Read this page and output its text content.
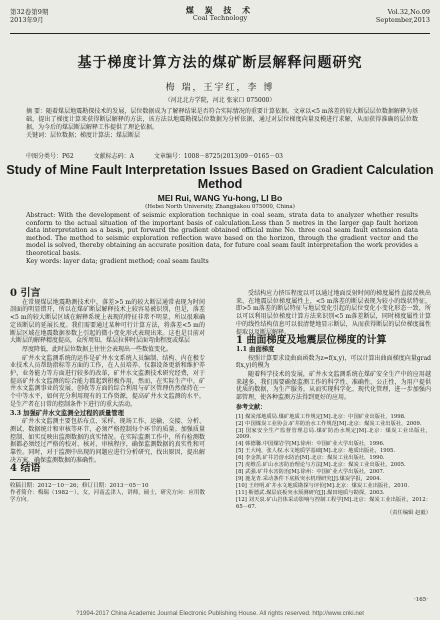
第32卷第9期
2013年9月
煤 炭 技 术
Coal Technology
Vol.32,No.09
September,2013
基于梯度计算方法的煤矿断层解释问题研究
梅 瑞，王宇红，李 博
（河北北方学院，河北 张家口 075000）

摘 要：随着煤层地震勘探技术的发展，层位数据成为了解释结果是否符合实际情况的重要计算依据。文章以<5 m落差的较大断层层位数据解释为基础，提出了梯度计算来获得断层解释的方法，该方法以地震勘探层位数据为分析依据，通过对层位梯度向量及模进行求解，从而获得准确的层位数据，为今后的煤层断层解释工作提供了理论依据。

关键词：层位数据；梯度计算法；煤层断层

中图分类号：P62	文献标志码：A	文章编号：1008－8725(2013)09－0165－03
Study of Mine Fault Interpretation Issues Based on Gradient Calculation Method
MEI Rui, WANG Yu-hong, LI Bo
(Hebei North University, Zhangjiakou 075000, China)

Abstract: With the development of seismic exploration technique in coal seam, strata data to analyzer whether results conform to the actual situation of the important basis of calculation.Less than 5 metres in the larger gap fault horizon data interpretation as a basis, put forward the gradient obtained official mine No. three coal seam fault extension data method. The method to seismic exploration reflection wave based on the horizon, through the gradient vector and the model is solved, thereby obtaining an accurate position data, for future coal seam fault interpretation the work provides a theoretical basis.

Key words: layer data; gradient method; coal seam faults

0 引言

在常规煤层地震勘测技术中，落差>5 m的较大断层通常表现为时间剖面的明显错开，所以在煤矿断层解释技术上较容易被识别，但是，落差<5 m的较大断层区域在解释系统上表现的特征非常不明显，所以很难确定该断层的延展长度。我们需要通过某种可行计算方法，将落差<5 m的断层区域在地震数据参数上引起的微小变化形式表现出来。这也是目前对大断层的解释精度提高，众所周知，煤层拉伸时层面弯曲程度或煤层

厚度降低，此时层位数据上往往会表现出一些数值变化。

矿井水文监测系统的运作是矿井水文系统人员编制、结构、内在极专业技术人员帮助指标等方面的工作，在人员培养、仪器设备更新和维护养护，业务能力等方面进行较多的改革，矿井水文监测技术研究经费，对于提高矿井水文监测的综合能力都起到积极作用，然而，在实际生产中，矿井水文监测事业的发展、创收等方面的综合利用与矿区管理仍然保持在一个中等水平，如何充分利用现有的工作资源，提高矿井水文监测的水平，是生产者在日常的控制条件下进行的重大活动。

3.3 加强矿井水文监测全过程的质量管理

矿井水文监测主要包括布点、采样、现场工作、运输、交接、分析、测试、数据统计和审核等环节，必须严格控制每个环节的质量。加强质量控制、如实反映出监测数据的真实情况。在实际监测工作中，所有检测数据都必须经过严格的校对、核对、审核程序，确保监测数据的真实性和可靠性。同时，对于监测中出现的问题应进行分析研究，找出原因，提出解决方案，确保监测数据的准确性。

4 结语

收稿日期：2012－10－26；修订日期：2013－05－10
作者简介：梅瑞（1982－），女，河南孟津人，讲师，硕士，研究方向：应用数学方向。

受结构应力挤压程度以可以通过地面反射时间的梯度属性直接反映出来，在地震层位梯度属性上，<5 m落差的断层表现为较小的线状特征，即>5 m落差的断层特征与地层变化引起的层位变化小变化形态一致，所以可以利用层位梯度计算方法来识别<5 m落差断层，同时梯度属性计算中的线性结构信息可以很清楚地显示断层，从而获得断层的层位梯度属性提取以及断层解释。

1 曲面梯度及地震层位梯度的计算

1.1 曲面梯度

按照计算要求设曲面函数为z=f(x,y)，可以计算出曲面梯度向量grad f(x,y)的模为

随着科学技术的发展，矿井水文监测系统在煤矿安全生产中的应用越来越多，我们需要确保监测工作的科学性、准确性、公正性，为用户提供优质的数据，为生产服务，从而实现科学化、现代化管理，进一步加强内部管理，使各种监测方法得到更好的应用。

参考文献：
[1] 煤炭部地质局.煤矿地质工作规定[M].北京：中国矿业出版社，1998.
[2] 中国煤炭工业协会.矿井防治水工作规范[M].北京：煤炭工业出版社，2009.
[3] 国家安全生产监督管理总局.煤矿防治水规定[M].北京：煤炭工业出版社，2009.
[4] 韩德馨.中国煤岩学[M].徐州：中国矿业大学出版社，1996.
[5] 王大纯，张人权.水文地质学基础[M].北京：地质出版社，1995.
[6] 李金凯.矿井岩溶水防治[M].北京：煤炭工业出版社，1990.
[7] 虎维岳.矿山水害防治理论与方法[M].北京：煤炭工业出版社，2005.
[8] 武强.矿井水害防治[M].徐州：中国矿业大学出版社，2007.
[9] 施龙青.采动条件下底板突水机理研究[J].煤炭学报，2004.
[10] 王经明.矿井水文地质勘探与评价[M].北京：煤炭工业出版社，2010.
[11] 靳德武.煤层底板突水预测研究[J].煤田地质与勘探，2003.
[12] 刘天泉.矿山岩体采动影响与控制工程学[M].北京：煤炭工业出版社，2012：65－67.
（责任编辑 赵毅）
·165·
?1994-2017 China Academic Journal Electronic Publishing House. All rights reserved. http://www.cnki.net
